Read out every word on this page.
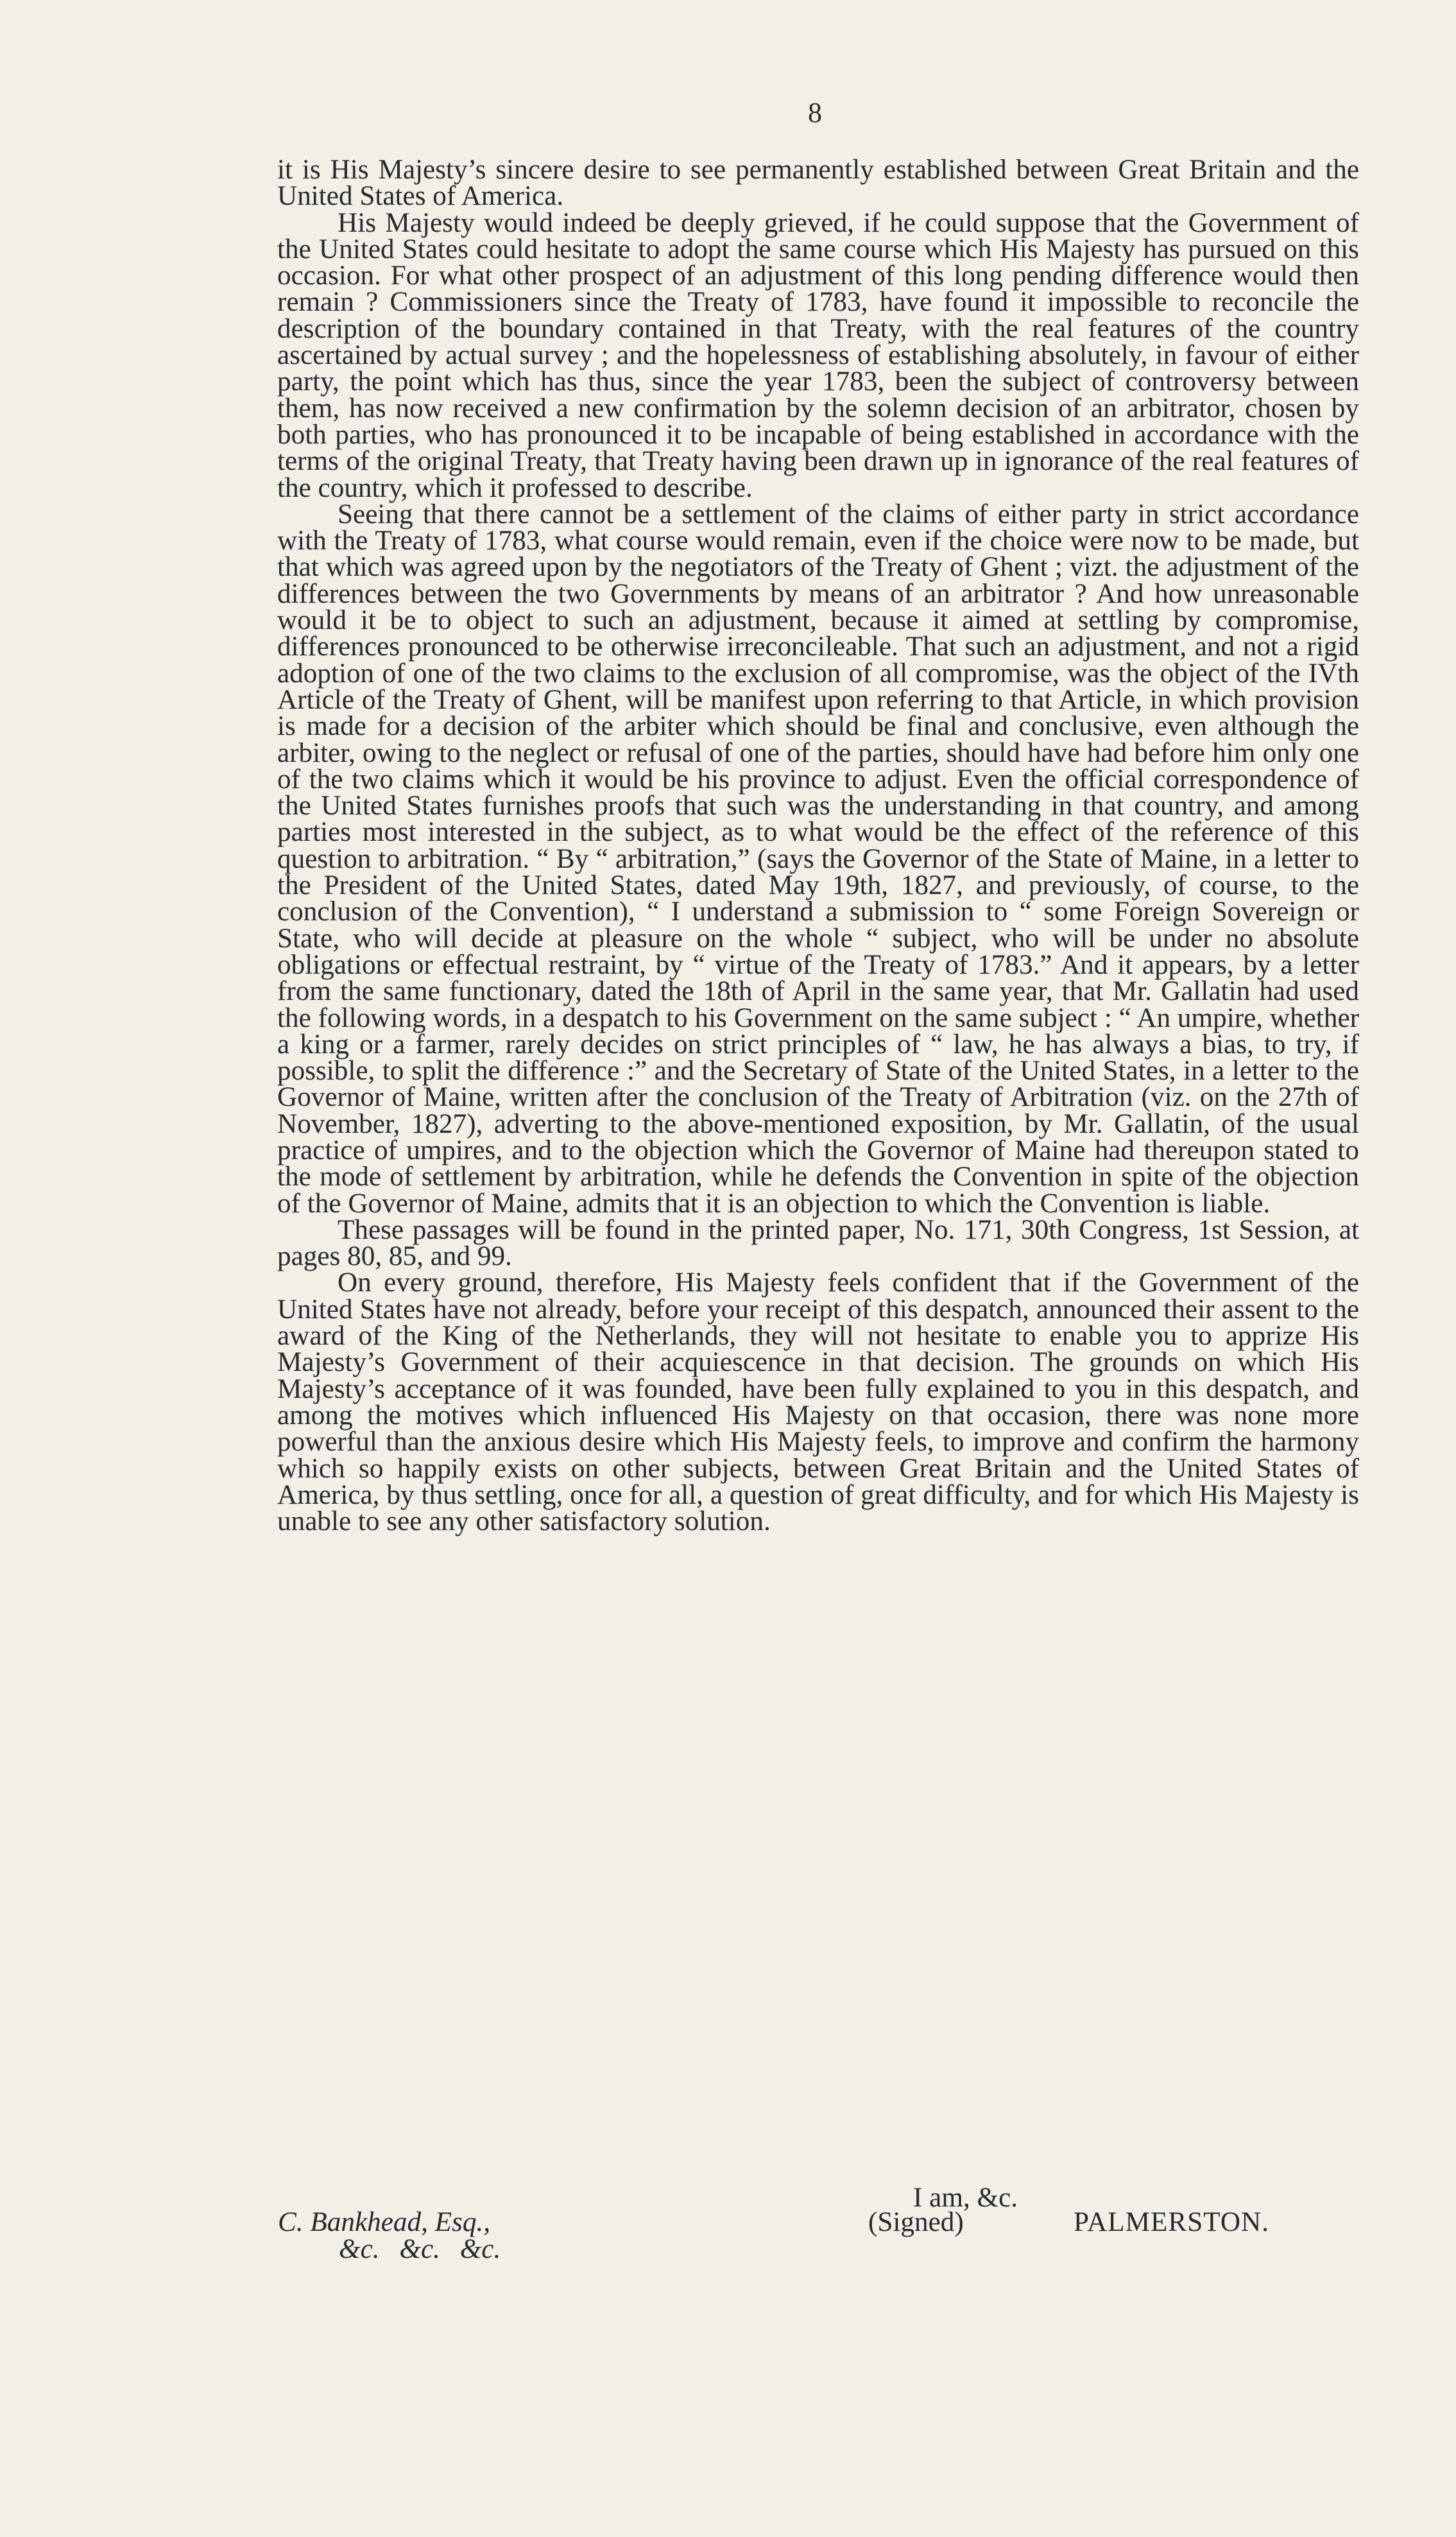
8

it is His Majesty’s sincere desire to see permanently established between Great Britain and the United States of America.

His Majesty would indeed be deeply grieved, if he could suppose that the Government of the United States could hesitate to adopt the same course which His Majesty has pursued on this occasion. For what other prospect of an adjustment of this long pending difference would then remain ? Commissioners since the Treaty of 1783, have found it impossible to reconcile the description of the boundary contained in that Treaty, with the real features of the country ascertained by actual survey ; and the hopelessness of establishing absolutely, in favour of either party, the point which has thus, since the year 1783, been the subject of controversy between them, has now received a new confirmation by the solemn decision of an arbitrator, chosen by both parties, who has pronounced it to be incapable of being established in accordance with the terms of the original Treaty, that Treaty having been drawn up in ignorance of the real features of the country, which it professed to describe.

Seeing that there cannot be a settlement of the claims of either party in strict accordance with the Treaty of 1783, what course would remain, even if the choice were now to be made, but that which was agreed upon by the negotiators of the Treaty of Ghent ; vizt. the adjustment of the differences between the two Governments by means of an arbitrator ? And how unreasonable would it be to object to such an adjustment, because it aimed at settling by compromise, differences pronounced to be otherwise irreconcileable. That such an adjustment, and not a rigid adoption of one of the two claims to the exclusion of all compromise, was the object of the IVth Article of the Treaty of Ghent, will be manifest upon referring to that Article, in which provision is made for a decision of the arbiter which should be final and conclusive, even although the arbiter, owing to the neglect or refusal of one of the parties, should have had before him only one of the two claims which it would be his province to adjust. Even the official correspondence of the United States furnishes proofs that such was the understanding in that country, and among parties most interested in the subject, as to what would be the effect of the reference of this question to arbitration. “ By “ arbitration,” (says the Governor of the State of Maine, in a letter to the President of the United States, dated May 19th, 1827, and previously, of course, to the conclusion of the Convention), “ I understand a submission to “ some Foreign Sovereign or State, who will decide at pleasure on the whole “ subject, who will be under no absolute obligations or effectual restraint, by “ virtue of the Treaty of 1783.” And it appears, by a letter from the same functionary, dated the 18th of April in the same year, that Mr. Gallatin had used the following words, in a despatch to his Government on the same subject : “ An umpire, whether a king or a farmer, rarely decides on strict principles of “ law, he has always a bias, to try, if possible, to split the difference :” and the Secretary of State of the United States, in a letter to the Governor of Maine, written after the conclusion of the Treaty of Arbitration (viz. on the 27th of November, 1827), adverting to the above-mentioned exposition, by Mr. Gallatin, of the usual practice of umpires, and to the objection which the Governor of Maine had thereupon stated to the mode of settlement by arbitration, while he defends the Convention in spite of the objection of the Governor of Maine, admits that it is an objection to which the Convention is liable.

These passages will be found in the printed paper, No. 171, 30th Congress, 1st Session, at pages 80, 85, and 99.

On every ground, therefore, His Majesty feels confident that if the Government of the United States have not already, before your receipt of this despatch, announced their assent to the award of the King of the Netherlands, they will not hesitate to enable you to apprize His Majesty’s Government of their acquiescence in that decision. The grounds on which His Majesty’s acceptance of it was founded, have been fully explained to you in this despatch, and among the motives which influenced His Majesty on that occasion, there was none more powerful than the anxious desire which His Majesty feels, to improve and confirm the harmony which so happily exists on other subjects, between Great Britain and the United States of America, by thus settling, once for all, a question of great difficulty, and for which His Majesty is unable to see any other satisfactory solution.

I am, &c.
C. Bankhead, Esq.,	(Signed)	PALMERSTON.
&c. &c. &c.
